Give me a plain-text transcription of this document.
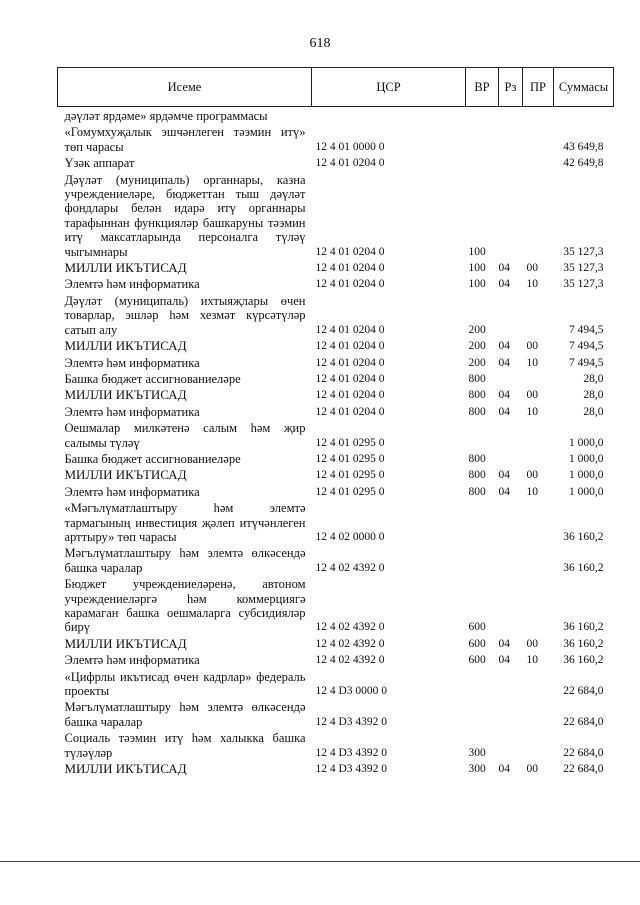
618
Исеме	ЦСР	ВР	Рз	ПР	Суммасы
дәүләт ярдәме» ярдәмче программасы					
«Гомумхуҗалык эшчәнлеген тәэмин итү» төп чарасы	12 4 01 0000 0				43 649,8
Үзәк аппарат	12 4 01 0204 0				42 649,8
Дәүләт (муниципаль) органнары, казна учреждениеләре, бюджеттан тыш дәүләт фондлары белән идарә итү органнары тарафыннан функцияләр башкаруны тәэмин итү максатларында персоналга түләү чыгымнары	12 4 01 0204 0	100			35 127,3
МИЛЛИ ИКЪТИСАД	12 4 01 0204 0	100	04	00	35 127,3
Элемтә һәм информатика	12 4 01 0204 0	100	04	10	35 127,3
Дәүләт (муниципаль) ихтыяҗлары өчен товарлар, эшләр һәм хезмәт күрсәтүләр сатып алу	12 4 01 0204 0	200			7 494,5
МИЛЛИ ИКЪТИСАД	12 4 01 0204 0	200	04	00	7 494,5
Элемтә һәм информатика	12 4 01 0204 0	200	04	10	7 494,5
Башка бюджет ассигнованиеләре	12 4 01 0204 0	800			28,0
МИЛЛИ ИКЪТИСАД	12 4 01 0204 0	800	04	00	28,0
Элемтә һәм информатика	12 4 01 0204 0	800	04	10	28,0
Оешмалар милкәтенә салым һәм җир салымы түләү	12 4 01 0295 0				1 000,0
Башка бюджет ассигнованиеләре	12 4 01 0295 0	800			1 000,0
МИЛЛИ ИКЪТИСАД	12 4 01 0295 0	800	04	00	1 000,0
Элемтә һәм информатика	12 4 01 0295 0	800	04	10	1 000,0
«Мәгълүматлаштыру һәм элемтә тармагының инвестиция җәлеп итүчәнлеген арттыру» төп чарасы	12 4 02 0000 0				36 160,2
Мәгълүматлаштыру һәм элемтә өлкәсендә башка чаралар	12 4 02 4392 0				36 160,2
Бюджет учреждениеләренә, автоном учреждениеләргә һәм коммерциягә карамаган башка оешмаларга субсидияләр бирү	12 4 02 4392 0	600			36 160,2
МИЛЛИ ИКЪТИСАД	12 4 02 4392 0	600	04	00	36 160,2
Элемтә һәм информатика	12 4 02 4392 0	600	04	10	36 160,2
«Цифрлы икътисад өчен кадрлар» федераль проекты	12 4 D3 0000 0				22 684,0
Мәгълүматлаштыру һәм элемтә өлкәсендә башка чаралар	12 4 D3 4392 0				22 684,0
Социаль тәэмин итү һәм халыкка башка түләүләр	12 4 D3 4392 0	300			22 684,0
МИЛЛИ ИКЪТИСАД	12 4 D3 4392 0	300	04	00	22 684,0
